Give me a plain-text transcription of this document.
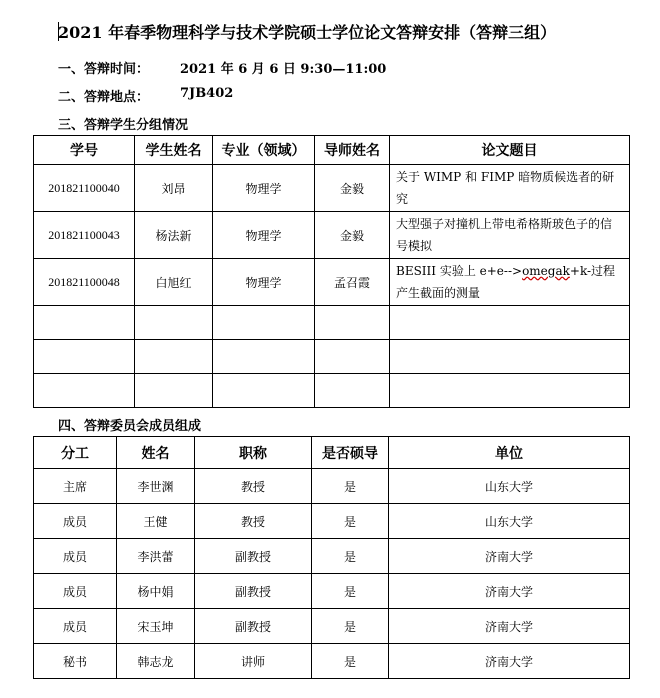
2021 年春季物理科学与技术学院硕士学位论文答辩安排（答辩三组）
一、答辩时间： 2021 年 6 月 6 日 9:30—11:00
二、答辩地点： 7JB402
三、答辩学生分组情况
学号	学生姓名	专业（领域）	导师姓名	论文题目
201821100040	刘昂	物理学	金毅	关于 WIMP 和 FIMP 暗物质候选者的研究
201821100043	杨法新	物理学	金毅	大型强子对撞机上带电希格斯玻色子的信号模拟
201821100048	白旭红	物理学	孟召霞	BESIII 实验上 e+e-->omegak+k-过程产生截面的测量

四、答辩委员会成员组成
分工	姓名	职称	是否硕导	单位
主席	李世渊	教授	是	山东大学
成员	王健	教授	是	山东大学
成员	李洪蕾	副教授	是	济南大学
成员	杨中娟	副教授	是	济南大学
成员	宋玉坤	副教授	是	济南大学
秘书	韩志龙	讲师	是	济南大学
